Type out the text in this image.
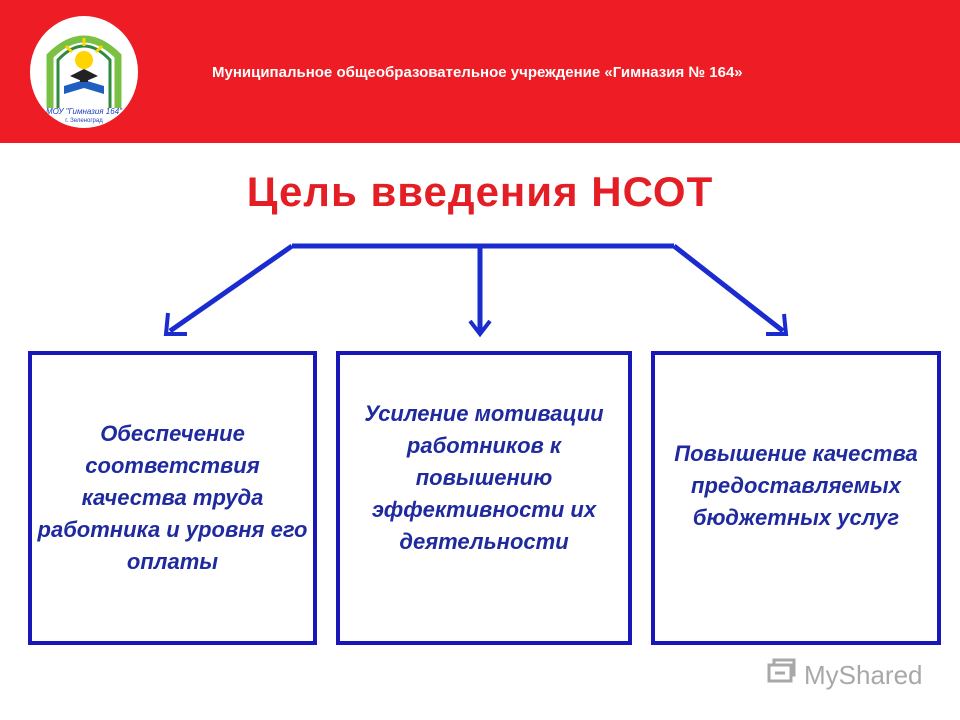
МОУ "Гимназия 164"
г. Зеленоград
Муниципальное общеобразовательное учреждение «Гимназия № 164»
Цель введения НСОТ
Обеспечение соответствия качества труда работника и уровня его оплаты
Усиление мотивации работников к повышению эффективности их деятельности
Повышение качества предоставляемых бюджетных услуг
MyShared
